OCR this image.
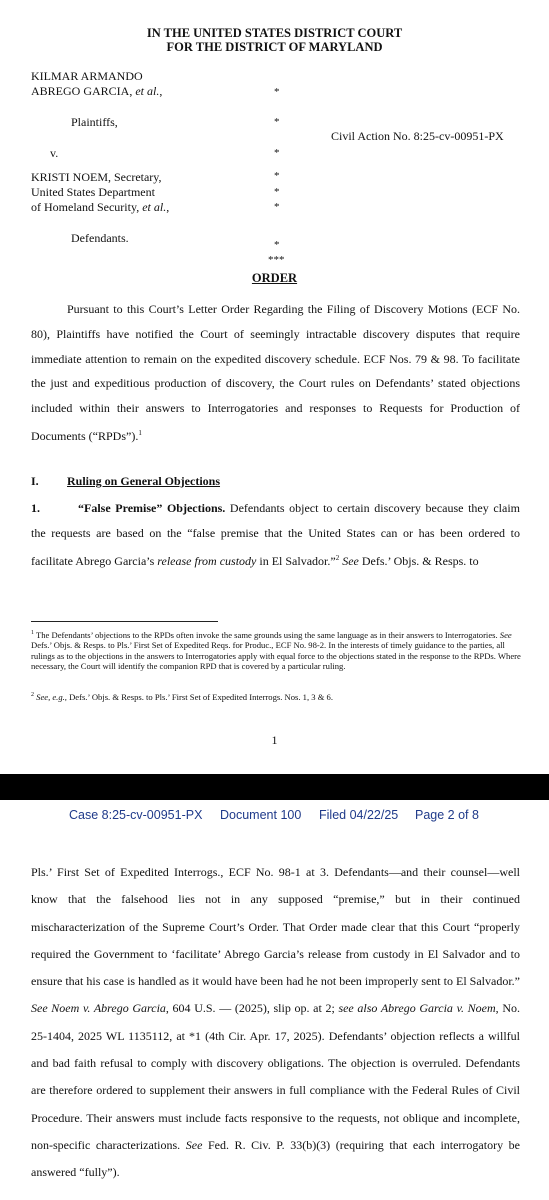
IN THE UNITED STATES DISTRICT COURT
FOR THE DISTRICT OF MARYLAND
KILMAR ARMANDO
ABREGO GARCIA, et al.,
Plaintiffs,
v.
KRISTI NOEM, Secretary,
United States Department
of Homeland Security, et al.,
Defendants.
*
*
*
*
*
*
*
***
Civil Action No. 8:25-cv-00951-PX
ORDER

Pursuant to this Court’s Letter Order Regarding the Filing of Discovery Motions (ECF No. 80), Plaintiffs have notified the Court of seemingly intractable discovery disputes that require immediate attention to remain on the expedited discovery schedule. ECF Nos. 79 & 98. To facilitate the just and expeditious production of discovery, the Court rules on Defendants’ stated objections included within their answers to Interrogatories and responses to Requests for Production of Documents (“RPDs”).$^1$

I. Ruling on General Objections

1.	“False Premise” Objections. Defendants object to certain discovery because they claim the requests are based on the “false premise that the United States can or has been ordered to facilitate Abrego Garcia’s release from custody in El Salvador.”$^2$ See Defs.’ Objs. & Resps. to

$^1$ The Defendants’ objections to the RPDs often invoke the same grounds using the same language as in their answers to Interrogatories. See Defs.’ Objs. & Resps. to Pls.’ First Set of Expedited Reqs. for Produc., ECF No. 98-2. In the interests of timely guidance to the parties, all rulings as to the objections in the answers to Interrogatories apply with equal force to the objections stated in the response to the RPDs. Where necessary, the Court will identify the companion RPD that is covered by a particular ruling.
$^2$ See, e.g., Defs.’ Objs. & Resps. to Pls.’ First Set of Expedited Interrogs. Nos. 1, 3 & 6.
1
Case 8:25-cv-00951-PX Document 100 Filed 04/22/25 Page 2 of 8

Pls.’ First Set of Expedited Interrogs., ECF No. 98-1 at 3. Defendants—and their counsel—well know that the falsehood lies not in any supposed “premise,” but in their continued mischaracterization of the Supreme Court’s Order. That Order made clear that this Court “properly required the Government to ‘facilitate’ Abrego Garcia’s release from custody in El Salvador and to ensure that his case is handled as it would have been had he not been improperly sent to El Salvador.” See Noem v. Abrego Garcia, 604 U.S. — (2025), slip op. at 2; see also Abrego Garcia v. Noem, No. 25-1404, 2025 WL 1135112, at *1 (4th Cir. Apr. 17, 2025). Defendants’ objection reflects a willful and bad faith refusal to comply with discovery obligations. The objection is overruled. Defendants are therefore ordered to supplement their answers in full compliance with the Federal Rules of Civil Procedure. Their answers must include facts responsive to the requests, not oblique and incomplete, non-specific characterizations. See Fed. R. Civ. P. 33(b)(3) (requiring that each interrogatory be answered “fully”).
